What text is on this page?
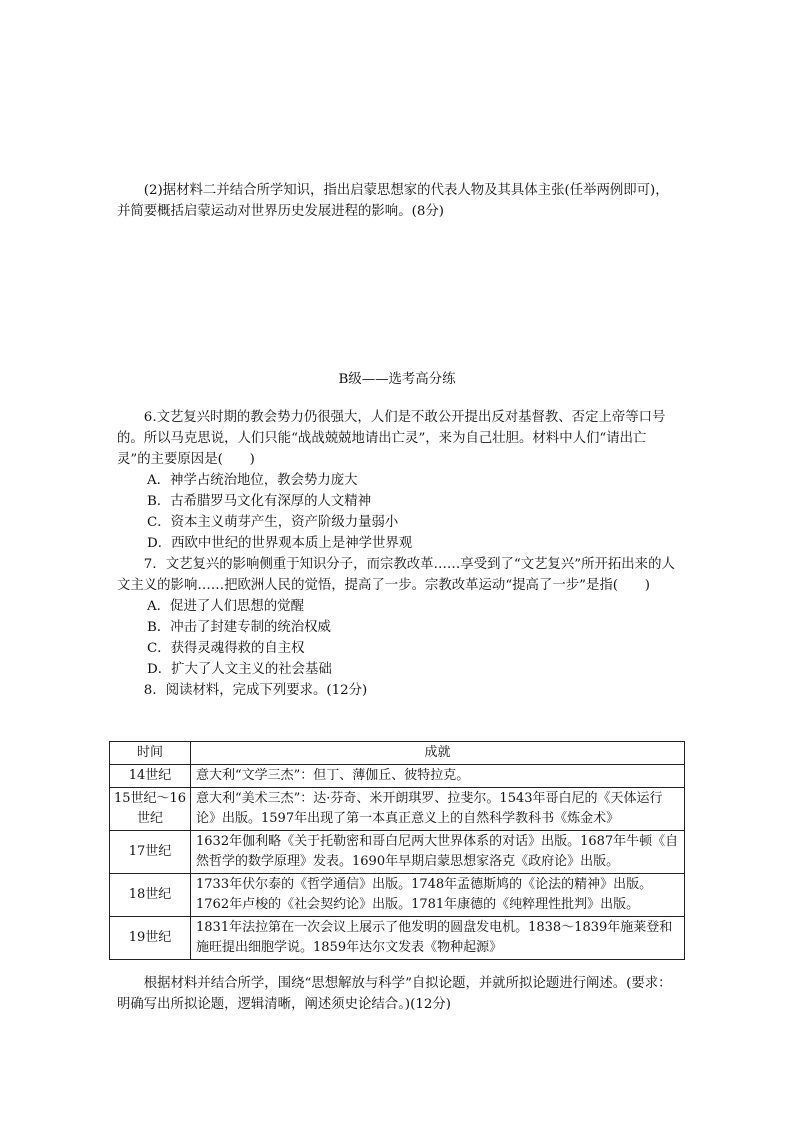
(2)据材料二并结合所学知识，指出启蒙思想家的代表人物及其具体主张(任举两例即可)，并简要概括启蒙运动对世界历史发展进程的影响。(8分)

B级——选考高分练

6.文艺复兴时期的教会势力仍很强大，人们是不敢公开提出反对基督教、否定上帝等口号的。所以马克思说，人们只能“战战兢兢地请出亡灵”，来为自己壮胆。材料中人们“请出亡灵”的主要原因是(　　)

A．神学占统治地位，教会势力庞大

B．古希腊罗马文化有深厚的人文精神

C．资本主义萌芽产生，资产阶级力量弱小

D．西欧中世纪的世界观本质上是神学世界观

7．文艺复兴的影响侧重于知识分子，而宗教改革……享受到了“文艺复兴”所开拓出来的人文主义的影响……把欧洲人民的觉悟，提高了一步。宗教改革运动“提高了一步”是指(　　)

A．促进了人们思想的觉醒

B．冲击了封建专制的统治权威

C．获得灵魂得救的自主权

D．扩大了人文主义的社会基础

8．阅读材料，完成下列要求。(12分)

时间	成就
14世纪	意大利“文学三杰”：但丁、薄伽丘、彼特拉克。
15世纪～16世纪	意大利“美术三杰”：达·芬奇、米开朗琪罗、拉斐尔。1543年哥白尼的《天体运行论》出版。1597年出现了第一本真正意义上的自然科学教科书《炼金术》
17世纪	1632年伽利略《关于托勒密和哥白尼两大世界体系的对话》出版。1687年牛顿《自然哲学的数学原理》发表。1690年早期启蒙思想家洛克《政府论》出版。
18世纪	1733年伏尔泰的《哲学通信》出版。1748年孟德斯鸠的《论法的精神》出版。1762年卢梭的《社会契约论》出版。1781年康德的《纯粹理性批判》出版。
19世纪	1831年法拉第在一次会议上展示了他发明的圆盘发电机。1838～1839年施莱登和施旺提出细胞学说。1859年达尔文发表《物种起源》

根据材料并结合所学，围绕“思想解放与科学”自拟论题，并就所拟论题进行阐述。(要求：明确写出所拟论题，逻辑清晰，阐述须史论结合。)(12分)
